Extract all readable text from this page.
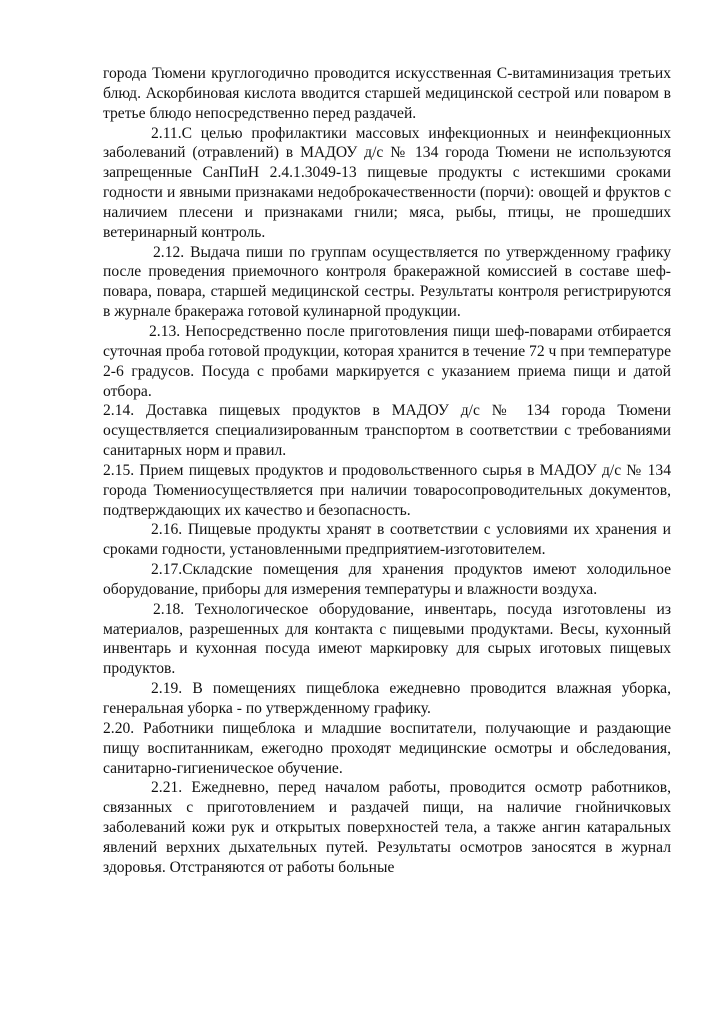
города Тюмени круглогодично проводится искусственная С-витаминизация третьих блюд. Аскорбиновая кислота вводится старшей медицинской сестрой или поваром в третье блюдо непосредственно перед раздачей.

2.11.С целью профилактики массовых инфекционных и неинфекционных заболеваний (отравлений) в МАДОУ д/с № 134 города Тюмени не используются запрещенные СанПиН 2.4.1.3049-13 пищевые продукты с истекшими сроками годности и явными признаками недоброкачественности (порчи): овощей и фруктов с наличием плесени и признаками гнили; мяса, рыбы, птицы, не прошедших ветеринарный контроль.

2.12. Выдача пиши по группам осуществляется по утвержденному графику после проведения приемочного контроля бракеражной комиссией в составе шеф-повара, повара, старшей медицинской сестры. Результаты контроля регистрируются в журнале бракеража готовой кулинарной продукции.

2.13. Непосредственно после приготовления пищи шеф-поварами отбирается суточная проба готовой продукции, которая хранится в течение 72 ч при температуре 2-6 градусов. Посуда с пробами маркируется с указанием приема пищи и датой отбора.

2.14. Доставка пищевых продуктов в МАДОУ д/с № 134 города Тюмени осуществляется специализированным транспортом в соответствии с требованиями санитарных норм и правил.

2.15. Прием пищевых продуктов и продовольственного сырья в МАДОУ д/с № 134 города Тюмениосуществляется при наличии товаросопроводительных документов, подтверждающих их качество и безопасность.

2.16. Пищевые продукты хранят в соответствии с условиями их хранения и сроками годности, установленными предприятием-изготовителем.

2.17.Складские помещения для хранения продуктов имеют холодильное оборудование, приборы для измерения температуры и влажности воздуха.

2.18. Технологическое оборудование, инвентарь, посуда изготовлены из материалов, разрешенных для контакта с пищевыми продуктами. Весы, кухонный инвентарь и кухонная посуда имеют маркировку для сырых иготовых пищевых продуктов.

2.19. В помещениях пищеблока ежедневно проводится влажная уборка, генеральная уборка - по утвержденному графику.

2.20. Работники пищеблока и младшие воспитатели, получающие и раздающие пищу воспитанникам, ежегодно проходят медицинские осмотры и обследования, санитарно-гигиеническое обучение.

2.21. Ежедневно, перед началом работы, проводится осмотр работников, связанных с приготовлением и раздачей пищи, на наличие гнойничковых заболеваний кожи рук и открытых поверхностей тела, а также ангин катаральных явлений верхних дыхательных путей. Результаты осмотров заносятся в журнал здоровья. Отстраняются от работы больные
